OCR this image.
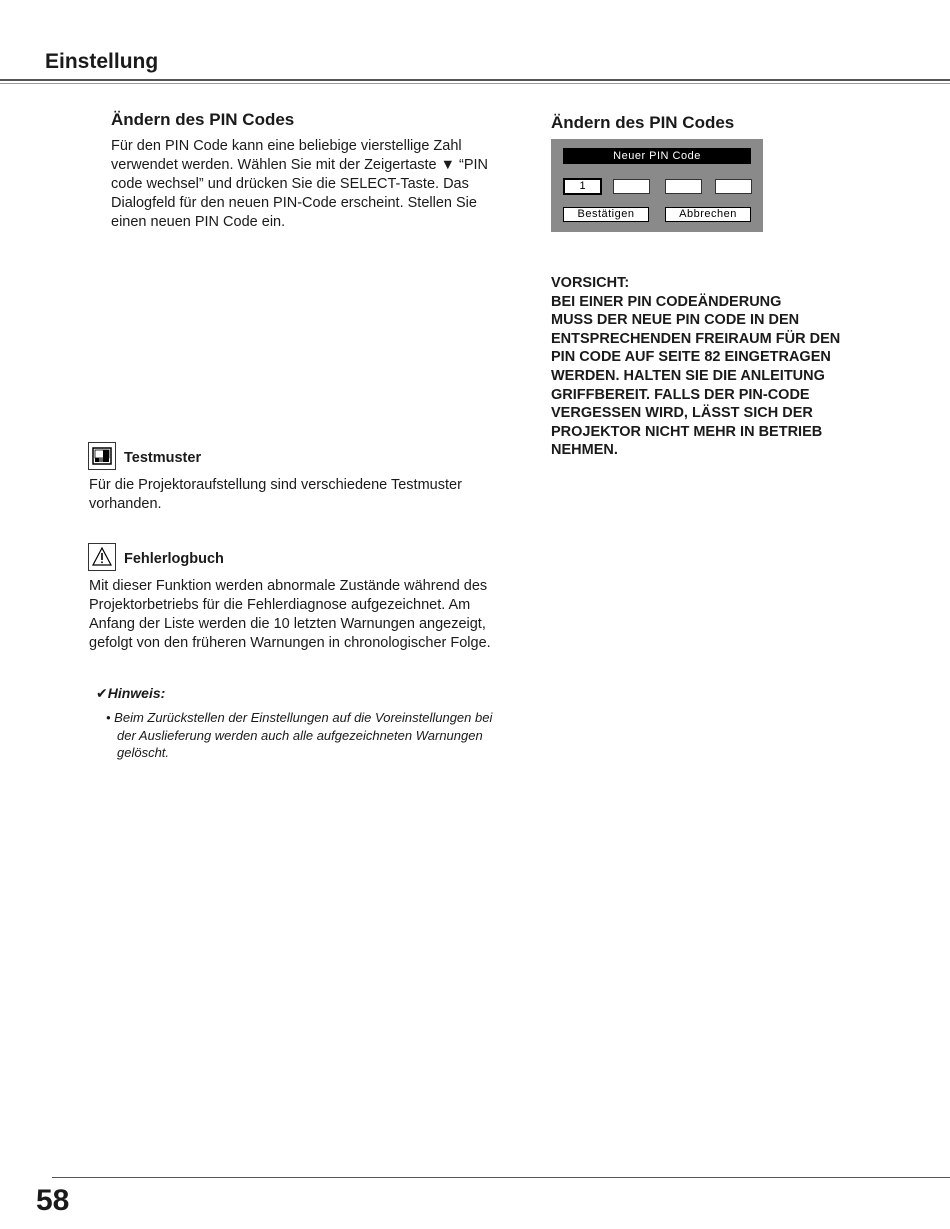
Einstellung
Ändern des PIN Codes

Für den PIN Code kann eine beliebige vierstellige Zahl verwendet werden. Wählen Sie mit der Zeigertaste ▼ “PIN code wechsel” und drücken Sie die SELECT-Taste. Das Dialogfeld für den neuen PIN-Code erscheint. Stellen Sie einen neuen PIN Code ein.

Ändern des PIN Codes
Neuer PIN Code
1
Bestätigen	Abbrechen

VORSICHT:
BEI EINER PIN CODEÄNDERUNG
MUSS DER NEUE PIN CODE IN DEN
ENTSPRECHENDEN FREIRAUM FÜR DEN
PIN CODE AUF SEITE 82 EINGETRAGEN
WERDEN. HALTEN SIE DIE ANLEITUNG
GRIFFBEREIT. FALLS DER PIN-CODE
VERGESSEN WIRD, LÄSST SICH DER
PROJEKTOR NICHT MEHR IN BETRIEB
NEHMEN.

Testmuster

Für die Projektoraufstellung sind verschiedene Testmuster vorhanden.

Fehlerlogbuch

Mit dieser Funktion werden abnormale Zustände während des Projektorbetriebs für die Fehlerdiagnose aufgezeichnet. Am Anfang der Liste werden die 10 letzten Warnungen angezeigt, gefolgt von den früheren Warnungen in chronologischer Folge.

✔Hinweis:

• Beim Zurückstellen der Einstellungen auf die Voreinstellungen bei der Auslieferung werden auch alle aufgezeichneten Warnungen gelöscht.

58
